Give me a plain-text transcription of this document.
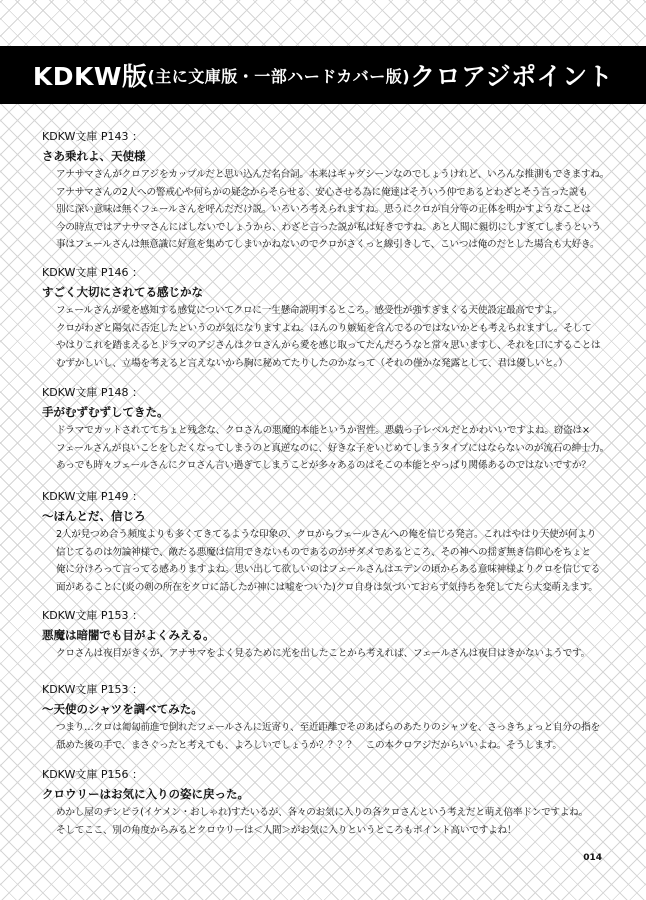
KDKW版 (主に文庫版・一部ハードカバー版) クロアジポイント
KDKW文庫 P143 ：
さあ乗れよ、天使様
アナサマさんがクロアジをカップルだと思い込んだ名台詞。本来はギャグシーンなのでしょうけれど、いろんな推測もできますね。
アナサマさんの2人への警戒心や何らかの疑念からそらせる、安心させる為に俺達はそういう仲であるとわざとそう言った説も
別に深い意味は無くフェールさんを呼んだだけ説。いろいろ考えられますね。思うにクロが自分等の正体を明かすようなことは
今の時点ではアナサマさんにはしないでしょうから、わざと言った説が私は好きですね。あと人間に親切にしすぎてしまうという
事はフェールさんは無意識に好意を集めてしまいかねないのでクロがさくっと線引きして、こいつは俺のだとした場合も大好き。
KDKW文庫 P146 ：
すごく大切にされてる感じかな
フェールさんが愛を感知する感覚についてクロに一生懸命説明するところ。感受性が強すぎまくる天使設定最高ですよ。
クロがわざと陽気に否定したというのが気になりますよね。ほんのり嫉妬を含んでるのではないかとも考えられますし。そして
やはりこれを踏まえるとドラマのアジさんはクロさんから愛を感じ取ってたんだろうなと常々思いますし、それを口にすることは
むずかしいし、立場を考えると言えないから胸に秘めてたりしたのかなって（それの僅かな発露として、君は優しいと。）
KDKW文庫 P148 ：
手がむずむずしてきた。
ドラマでカットされててちょと残念な、クロさんの悪魔的本能というか習性。悪戯っ子レベルだとかわいいですよね。窃盗は×
フェールさんが良いことをしたくなってしまうのと真逆なのに、好きな子をいじめてしまうタイプにはならないのが流石の紳士力。
あっでも時々フェールさんにクロさん言い過ぎてしまうことが多々あるのはそこの本能とやっぱり関係あるのではないですか？
KDKW文庫 P149 ：
〜ほんとだ、信じろ
2人が見つめ合う頻度よりも多くてきてるような印象の、クロからフェールさんへの俺を信じろ発言。これはやはり天使が何より
信じてるのは勿論神様で、敵たる悪魔は信用できないものであるのがサダメであるところ、その神への揺ぎ無き信仰心をちょと
俺に分けろって言ってる感ありますよね。思い出して欲しいのはフェールさんはエデンの頃からある意味神様よりクロを信じてる
面があることに(炎の剣の所在をクロに話したが神には嘘をついた)クロ自身は気づいておらず気持ちを発してたら大変萌えます。
KDKW文庫 P153 ：
悪魔は暗闇でも目がよくみえる。
クロさんは夜目がきくが、アナサマをよく見るために光を出したことから考えれば、フェールさんは夜目はきかないようです。
KDKW文庫 P153 ：
〜天使のシャツを調べてみた。
つまり…クロは匍匐前進で倒れたフェールさんに近寄り、至近距離でそのあばらのあたりのシャツを、さっきちょっと自分の指を
舐めた後の手で、まさぐったと考えても、よろしいでしょうか？？？？　この本クロアジだからいいよね。そうします。
KDKW文庫 P156 ：
クロウリーはお気に入りの姿に戻った。
めかし屋のチンピラ(イケメン・おしゃれ)すたいるが、各々のお気に入りの各クロさんという考えだと萌え倍率ドンですよね。
そしてここ、別の角度からみるとクロウリーは＜人間＞がお気に入りというところもポイント高いですよね！
014
